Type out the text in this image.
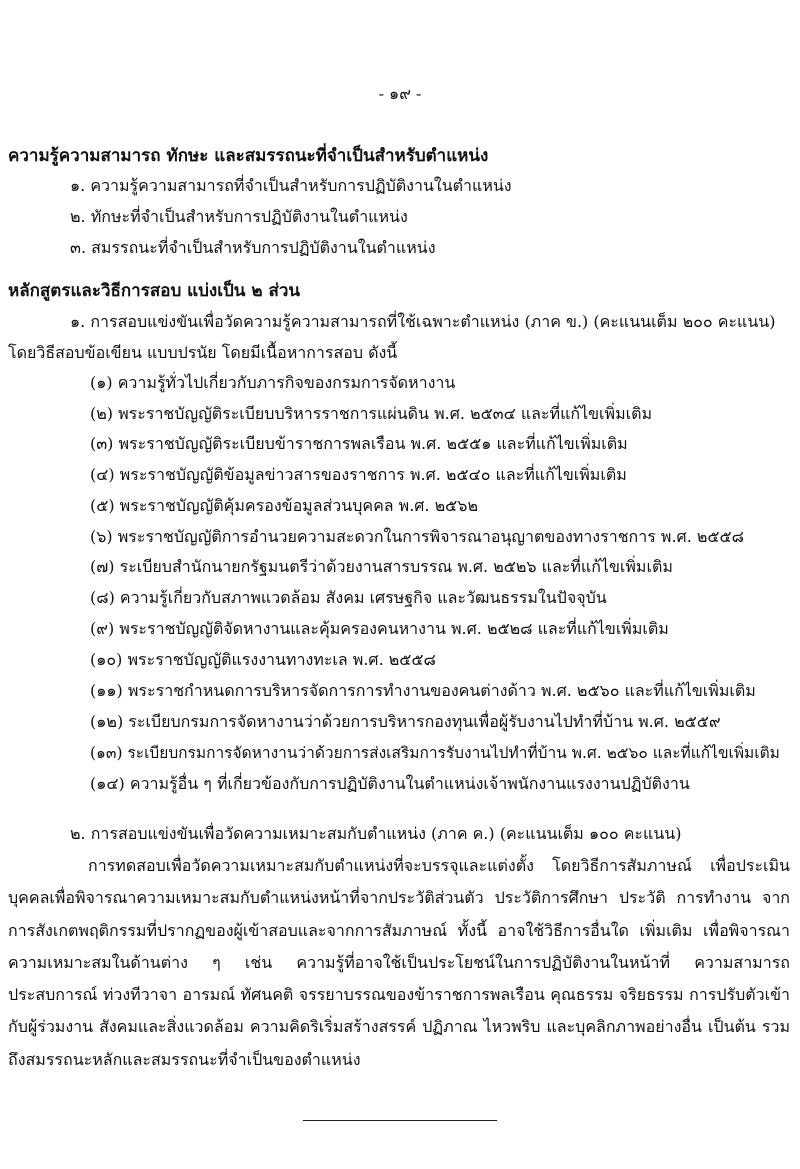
- ๑๙ -
ความรู้ความสามารถ ทักษะ และสมรรถนะที่จำเป็นสำหรับตำแหน่ง
๑. ความรู้ความสามารถที่จำเป็นสำหรับการปฏิบัติงานในตำแหน่ง
๒. ทักษะที่จำเป็นสำหรับการปฏิบัติงานในตำแหน่ง
๓. สมรรถนะที่จำเป็นสำหรับการปฏิบัติงานในตำแหน่ง
หลักสูตรและวิธีการสอบ แบ่งเป็น ๒ ส่วน
๑. การสอบแข่งขันเพื่อวัดความรู้ความสามารถที่ใช้เฉพาะตำแหน่ง (ภาค ข.) (คะแนนเต็ม ๒๐๐ คะแนน)
โดยวิธีสอบข้อเขียน แบบปรนัย โดยมีเนื้อหาการสอบ ดังนี้
(๑) ความรู้ทั่วไปเกี่ยวกับภารกิจของกรมการจัดหางาน
(๒) พระราชบัญญัติระเบียบบริหารราชการแผ่นดิน พ.ศ. ๒๕๓๔ และที่แก้ไขเพิ่มเติม
(๓) พระราชบัญญัติระเบียบข้าราชการพลเรือน พ.ศ. ๒๕๕๑ และที่แก้ไขเพิ่มเติม
(๔) พระราชบัญญัติข้อมูลข่าวสารของราชการ พ.ศ. ๒๕๔๐ และที่แก้ไขเพิ่มเติม
(๕) พระราชบัญญัติคุ้มครองข้อมูลส่วนบุคคล พ.ศ. ๒๕๖๒
(๖) พระราชบัญญัติการอำนวยความสะดวกในการพิจารณาอนุญาตของทางราชการ พ.ศ. ๒๕๕๘
(๗) ระเบียบสำนักนายกรัฐมนตรีว่าด้วยงานสารบรรณ พ.ศ. ๒๕๒๖ และที่แก้ไขเพิ่มเติม
(๘) ความรู้เกี่ยวกับสภาพแวดล้อม สังคม เศรษฐกิจ และวัฒนธรรมในปัจจุบัน
(๙) พระราชบัญญัติจัดหางานและคุ้มครองคนหางาน พ.ศ. ๒๕๒๘ และที่แก้ไขเพิ่มเติม
(๑๐) พระราชบัญญัติแรงงานทางทะเล พ.ศ. ๒๕๕๘
(๑๑) พระราชกำหนดการบริหารจัดการการทำงานของคนต่างด้าว พ.ศ. ๒๕๖๐ และที่แก้ไขเพิ่มเติม
(๑๒) ระเบียบกรมการจัดหางานว่าด้วยการบริหารกองทุนเพื่อผู้รับงานไปทำที่บ้าน พ.ศ. ๒๕๕๙
(๑๓) ระเบียบกรมการจัดหางานว่าด้วยการส่งเสริมการรับงานไปทำที่บ้าน พ.ศ. ๒๕๖๐ และที่แก้ไขเพิ่มเติม
(๑๔) ความรู้อื่น ๆ ที่เกี่ยวข้องกับการปฏิบัติงานในตำแหน่งเจ้าพนักงานแรงงานปฏิบัติงาน
๒. การสอบแข่งขันเพื่อวัดความเหมาะสมกับตำแหน่ง (ภาค ค.) (คะแนนเต็ม ๑๐๐ คะแนน)
การทดสอบเพื่อวัดความเหมาะสมกับตำแหน่งที่จะบรรจุและแต่งตั้ง โดยวิธีการสัมภาษณ์ เพื่อประเมินบุคคลเพื่อพิจารณาความเหมาะสมกับตำแหน่งหน้าที่จากประวัติส่วนตัว ประวัติการศึกษา ประวัติ การทำงาน จากการสังเกตพฤติกรรมที่ปรากฏของผู้เข้าสอบและจากการสัมภาษณ์ ทั้งนี้ อาจใช้วิธีการอื่นใด เพิ่มเติม เพื่อพิจารณาความเหมาะสมในด้านต่าง ๆ เช่น ความรู้ที่อาจใช้เป็นประโยชน์ในการปฏิบัติงานในหน้าที่ ความสามารถ ประสบการณ์ ท่วงทีวาจา อารมณ์ ทัศนคติ จรรยาบรรณของข้าราชการพลเรือน คุณธรรม จริยธรรม การปรับตัวเข้ากับผู้ร่วมงาน สังคมและสิ่งแวดล้อม ความคิดริเริ่มสร้างสรรค์ ปฏิภาณ ไหวพริบ และบุคลิกภาพอย่างอื่น เป็นต้น รวมถึงสมรรถนะหลักและสมรรถนะที่จำเป็นของตำแหน่ง
